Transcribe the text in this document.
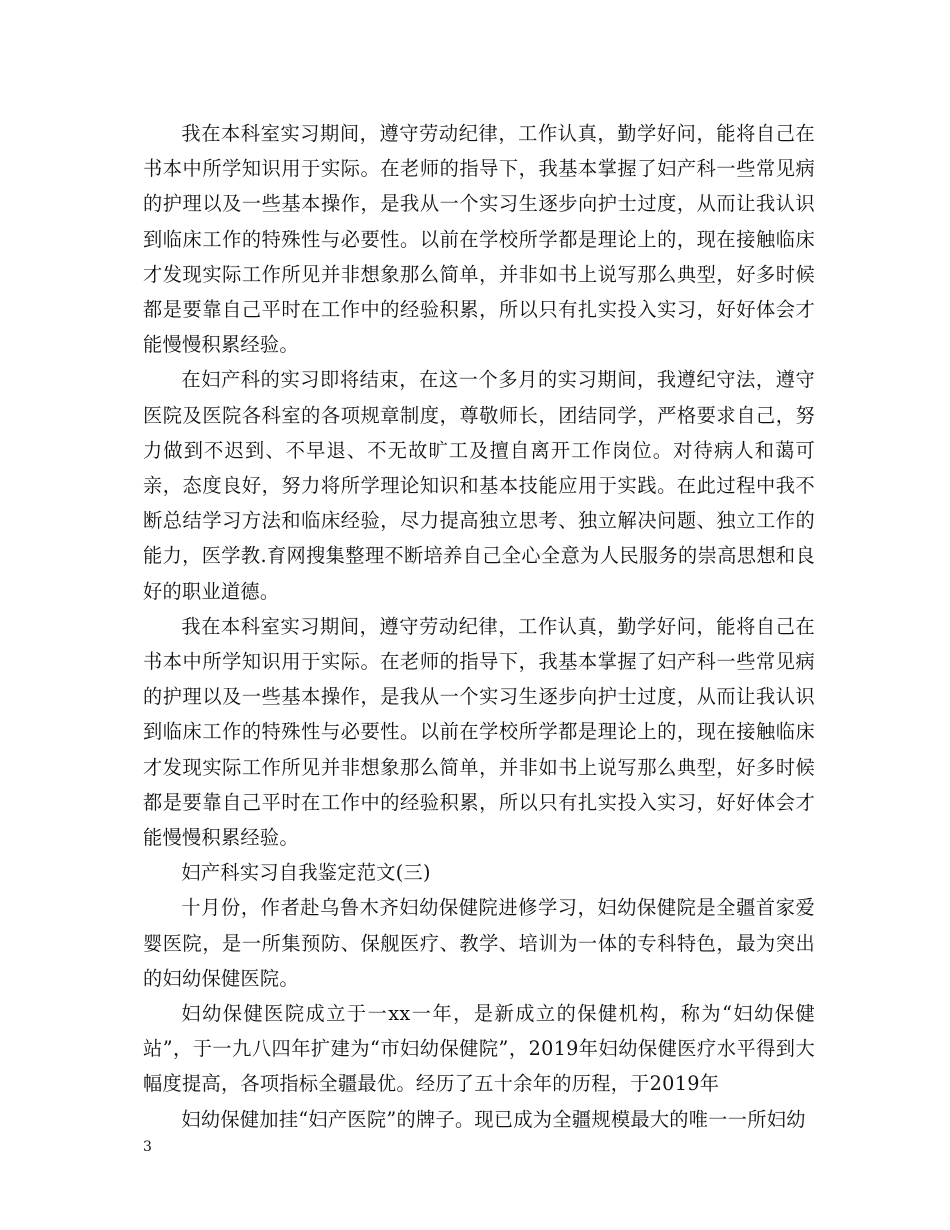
我在本科室实习期间，遵守劳动纪律，工作认真，勤学好问，能将自己在书本中所学知识用于实际。在老师的指导下，我基本掌握了妇产科一些常见病的护理以及一些基本操作，是我从一个实习生逐步向护士过度，从而让我认识到临床工作的特殊性与必要性。以前在学校所学都是理论上的，现在接触临床才发现实际工作所见并非想象那么简单，并非如书上说写那么典型，好多时候都是要靠自己平时在工作中的经验积累，所以只有扎实投入实习，好好体会才能慢慢积累经验。

在妇产科的实习即将结束，在这一个多月的实习期间，我遵纪守法，遵守医院及医院各科室的各项规章制度，尊敬师长，团结同学，严格要求自己，努力做到不迟到、不早退、不无故旷工及擅自离开工作岗位。对待病人和蔼可亲，态度良好，努力将所学理论知识和基本技能应用于实践。在此过程中我不断总结学习方法和临床经验，尽力提高独立思考、独立解决问题、独立工作的能力，医学教.育网搜集整理不断培养自己全心全意为人民服务的崇高思想和良好的职业道德。

我在本科室实习期间，遵守劳动纪律，工作认真，勤学好问，能将自己在书本中所学知识用于实际。在老师的指导下，我基本掌握了妇产科一些常见病的护理以及一些基本操作，是我从一个实习生逐步向护士过度，从而让我认识到临床工作的特殊性与必要性。以前在学校所学都是理论上的，现在接触临床才发现实际工作所见并非想象那么简单，并非如书上说写那么典型，好多时候都是要靠自己平时在工作中的经验积累，所以只有扎实投入实习，好好体会才能慢慢积累经验。

妇产科实习自我鉴定范文(三)

十月份，作者赴乌鲁木齐妇幼保健院进修学习，妇幼保健院是全疆首家爱婴医院，是一所集预防、保舰医疗、教学、培训为一体的专科特色，最为突出的妇幼保健医院。

妇幼保健医院成立于一xx一年，是新成立的保健机构，称为“妇幼保健站”，于一九八四年扩建为“市妇幼保健院”，2019年妇幼保健医疗水平得到大幅度提高，各项指标全疆最优。经历了五十余年的历程，于2019年

妇幼保健加挂“妇产医院”的牌子。现已成为全疆规模最大的唯一一所妇幼

3
